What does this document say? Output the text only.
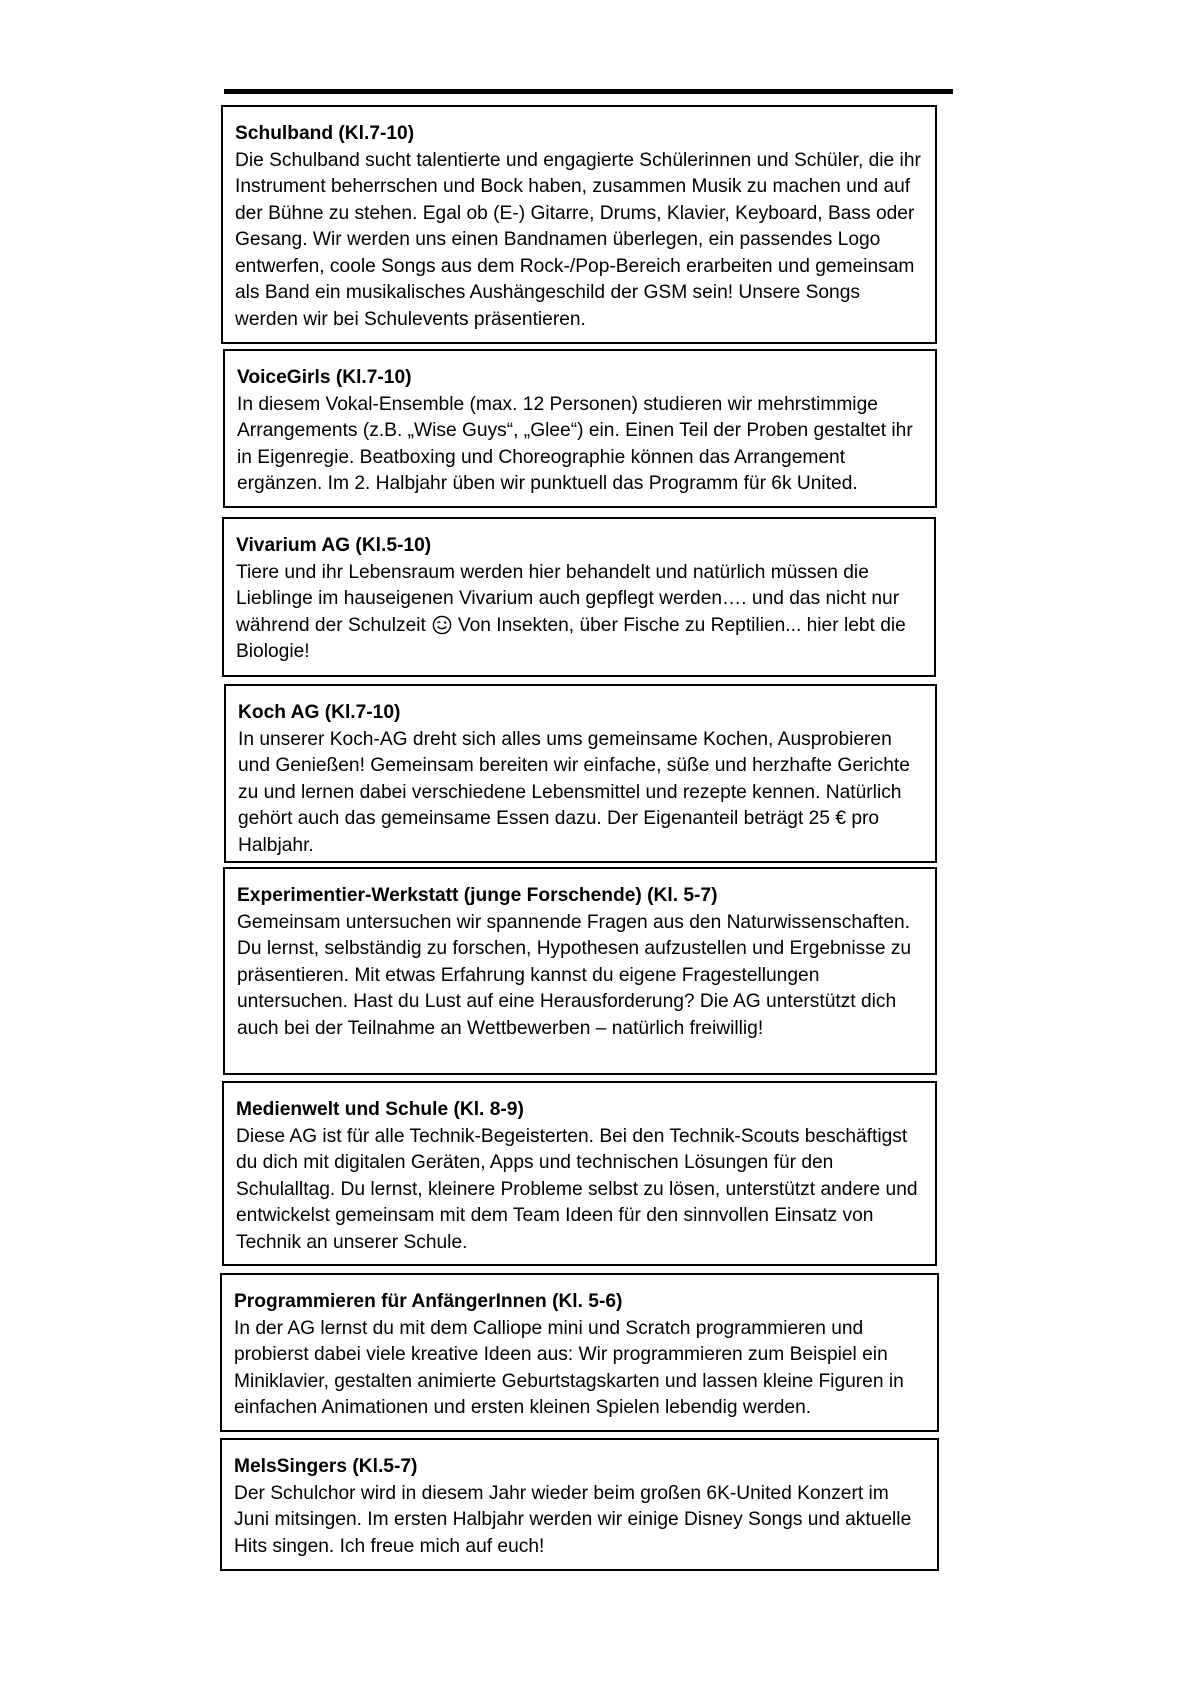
Schulband (Kl.7-10)
Die Schulband sucht talentierte und engagierte Schülerinnen und Schüler, die ihr Instrument beherrschen und Bock haben, zusammen Musik zu machen und auf der Bühne zu stehen. Egal ob (E-) Gitarre, Drums, Klavier, Keyboard, Bass oder Gesang. Wir werden uns einen Bandnamen überlegen, ein passendes Logo entwerfen, coole Songs aus dem Rock-/Pop-Bereich erarbeiten und gemeinsam als Band ein musikalisches Aushängeschild der GSM sein! Unsere Songs werden wir bei Schulevents präsentieren.
VoiceGirls (Kl.7-10)
In diesem Vokal-Ensemble (max. 12 Personen) studieren wir mehrstimmige Arrangements (z.B. „Wise Guys“, „Glee“) ein. Einen Teil der Proben gestaltet ihr in Eigenregie. Beatboxing und Choreographie können das Arrangement ergänzen. Im 2. Halbjahr üben wir punktuell das Programm für 6k United.
Vivarium AG (Kl.5-10)
Tiere und ihr Lebensraum werden hier behandelt und natürlich müssen die Lieblinge im hauseigenen Vivarium auch gepflegt werden…. und das nicht nur während der Schulzeit Von Insekten, über Fische zu Reptilien... hier lebt die Biologie!
Koch AG (Kl.7-10)
In unserer Koch-AG dreht sich alles ums gemeinsame Kochen, Ausprobieren und Genießen! Gemeinsam bereiten wir einfache, süße und herzhafte Gerichte zu und lernen dabei verschiedene Lebensmittel und rezepte kennen. Natürlich gehört auch das gemeinsame Essen dazu. Der Eigenanteil beträgt 25 € pro Halbjahr.
Experimentier-Werkstatt (junge Forschende) (Kl. 5-7)
Gemeinsam untersuchen wir spannende Fragen aus den Naturwissenschaften. Du lernst, selbständig zu forschen, Hypothesen aufzustellen und Ergebnisse zu präsentieren. Mit etwas Erfahrung kannst du eigene Fragestellungen untersuchen. Hast du Lust auf eine Herausforderung? Die AG unterstützt dich auch bei der Teilnahme an Wettbewerben – natürlich freiwillig!
Medienwelt und Schule (Kl. 8-9)
Diese AG ist für alle Technik-Begeisterten. Bei den Technik-Scouts beschäftigst du dich mit digitalen Geräten, Apps und technischen Lösungen für den Schulalltag. Du lernst, kleinere Probleme selbst zu lösen, unterstützt andere und entwickelst gemeinsam mit dem Team Ideen für den sinnvollen Einsatz von Technik an unserer Schule.
Programmieren für AnfängerInnen (Kl. 5-6)
In der AG lernst du mit dem Calliope mini und Scratch programmieren und probierst dabei viele kreative Ideen aus: Wir programmieren zum Beispiel ein Miniklavier, gestalten animierte Geburtstagskarten und lassen kleine Figuren in einfachen Animationen und ersten kleinen Spielen lebendig werden.
MelsSingers (Kl.5-7)
Der Schulchor wird in diesem Jahr wieder beim großen 6K-United Konzert im Juni mitsingen. Im ersten Halbjahr werden wir einige Disney Songs und aktuelle Hits singen. Ich freue mich auf euch!
